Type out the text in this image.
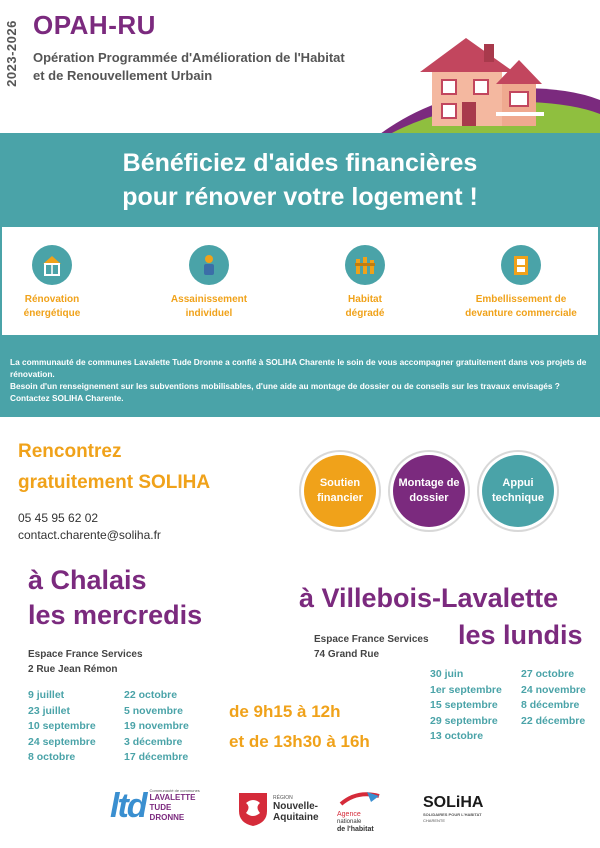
2023-2026 OPAH-RU
Opération Programmée d'Amélioration de l'Habitat
et de Renouvellement Urbain
Bénéficiez d'aides financières
pour rénover votre logement !
Rénovation
énergétique
Assainissement
individuel
Habitat
dégradé
Embellissement de
devanture commerciale
La communauté de communes Lavalette Tude Dronne a confié à SOLIHA Charente le soin de vous accompagner gratuitement dans vos projets de rénovation.
Besoin d'un renseignement sur les subventions mobilisables, d'une aide au montage de dossier ou de conseils sur les travaux envisagés ? Contactez SOLIHA Charente.
Rencontrez
gratuitement SOLIHA
05 45 95 62 02
contact.charente@soliha.fr
Soutien
financier
Montage de
dossier
Appui
technique
à Chalais
les mercredis
Espace France Services
2 Rue Jean Rémon
9 juillet
23 juillet
10 septembre
24 septembre
8 octobre
22 octobre
5 novembre
19 novembre
3 décembre
17 décembre
à Villebois-Lavalette
les lundis
Espace France Services
74 Grand Rue
30 juin
1er septembre
15 septembre
29 septembre
13 octobre
27 octobre
24 novembre
8 décembre
22 décembre
de 9h15 à 12h
et de 13h30 à 16h
ltd Communauté de communes
LAVALETTE
TUDE
DRONNE
RÉGION
Nouvelle-
Aquitaine	Agence
nationale
de l'habitat
SOLiHA
SOLIDAIRES POUR L'HABITAT
CHARENTE
